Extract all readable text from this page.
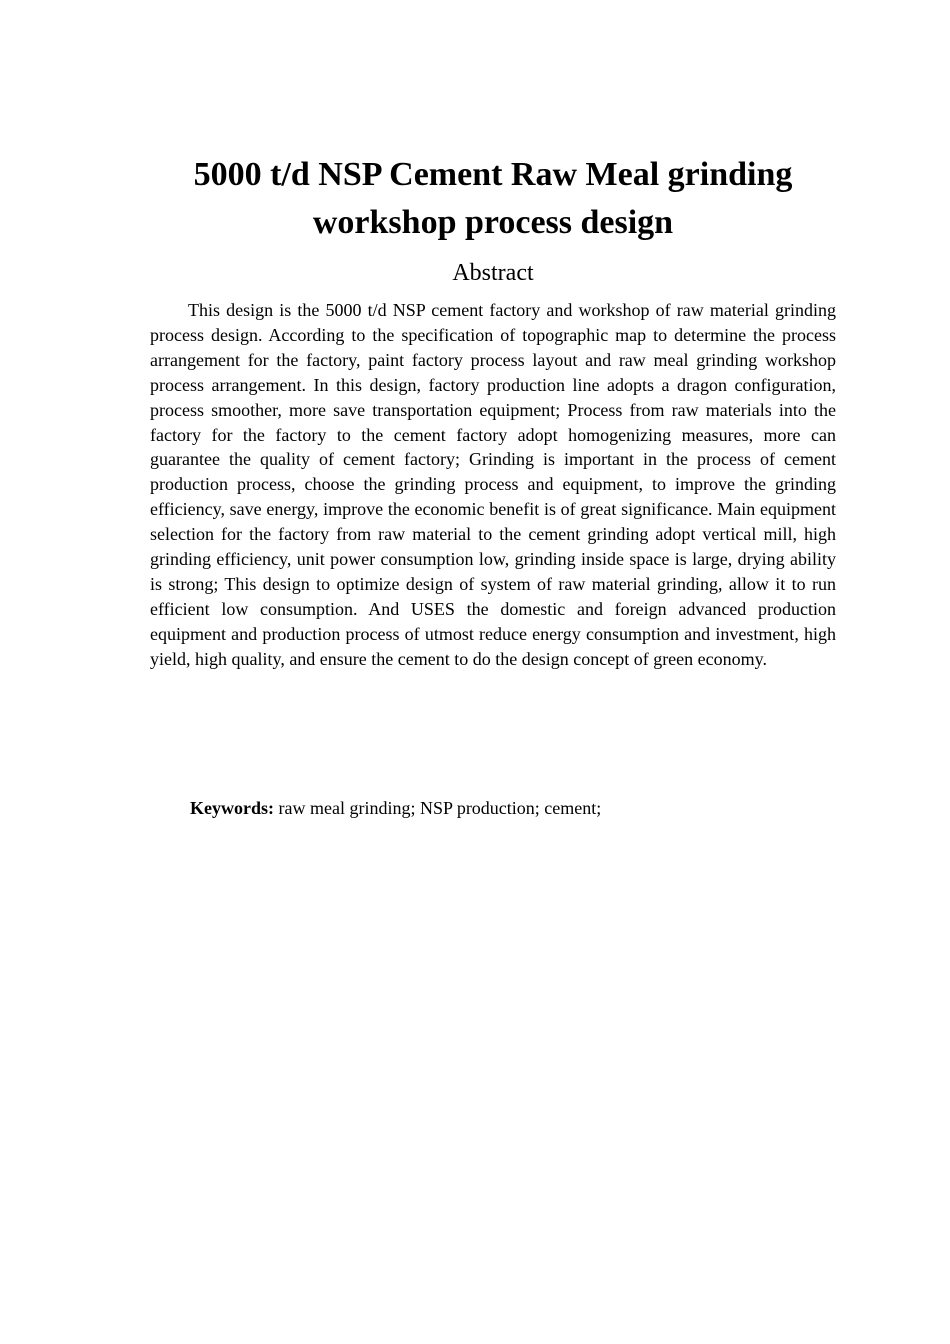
5000 t/d NSP Cement Raw Meal grinding workshop process design
Abstract

This design is the 5000 t/d NSP cement factory and workshop of raw material grinding process design. According to the specification of topographic map to determine the process arrangement for the factory, paint factory process layout and raw meal grinding workshop process arrangement. In this design, factory production line adopts a dragon configuration, process smoother, more save transportation equipment; Process from raw materials into the factory for the factory to the cement factory adopt homogenizing measures, more can guarantee the quality of cement factory; Grinding is important in the process of cement production process, choose the grinding process and equipment, to improve the grinding efficiency, save energy, improve the economic benefit is of great significance. Main equipment selection for the factory from raw material to the cement grinding adopt vertical mill, high grinding efficiency, unit power consumption low, grinding inside space is large, drying ability is strong; This design to optimize design of system of raw material grinding, allow it to run efficient low consumption. And USES the domestic and foreign advanced production equipment and production process of utmost reduce energy consumption and investment, high yield, high quality, and ensure the cement to do the design concept of green economy.

Keywords: raw meal grinding; NSP production; cement;
